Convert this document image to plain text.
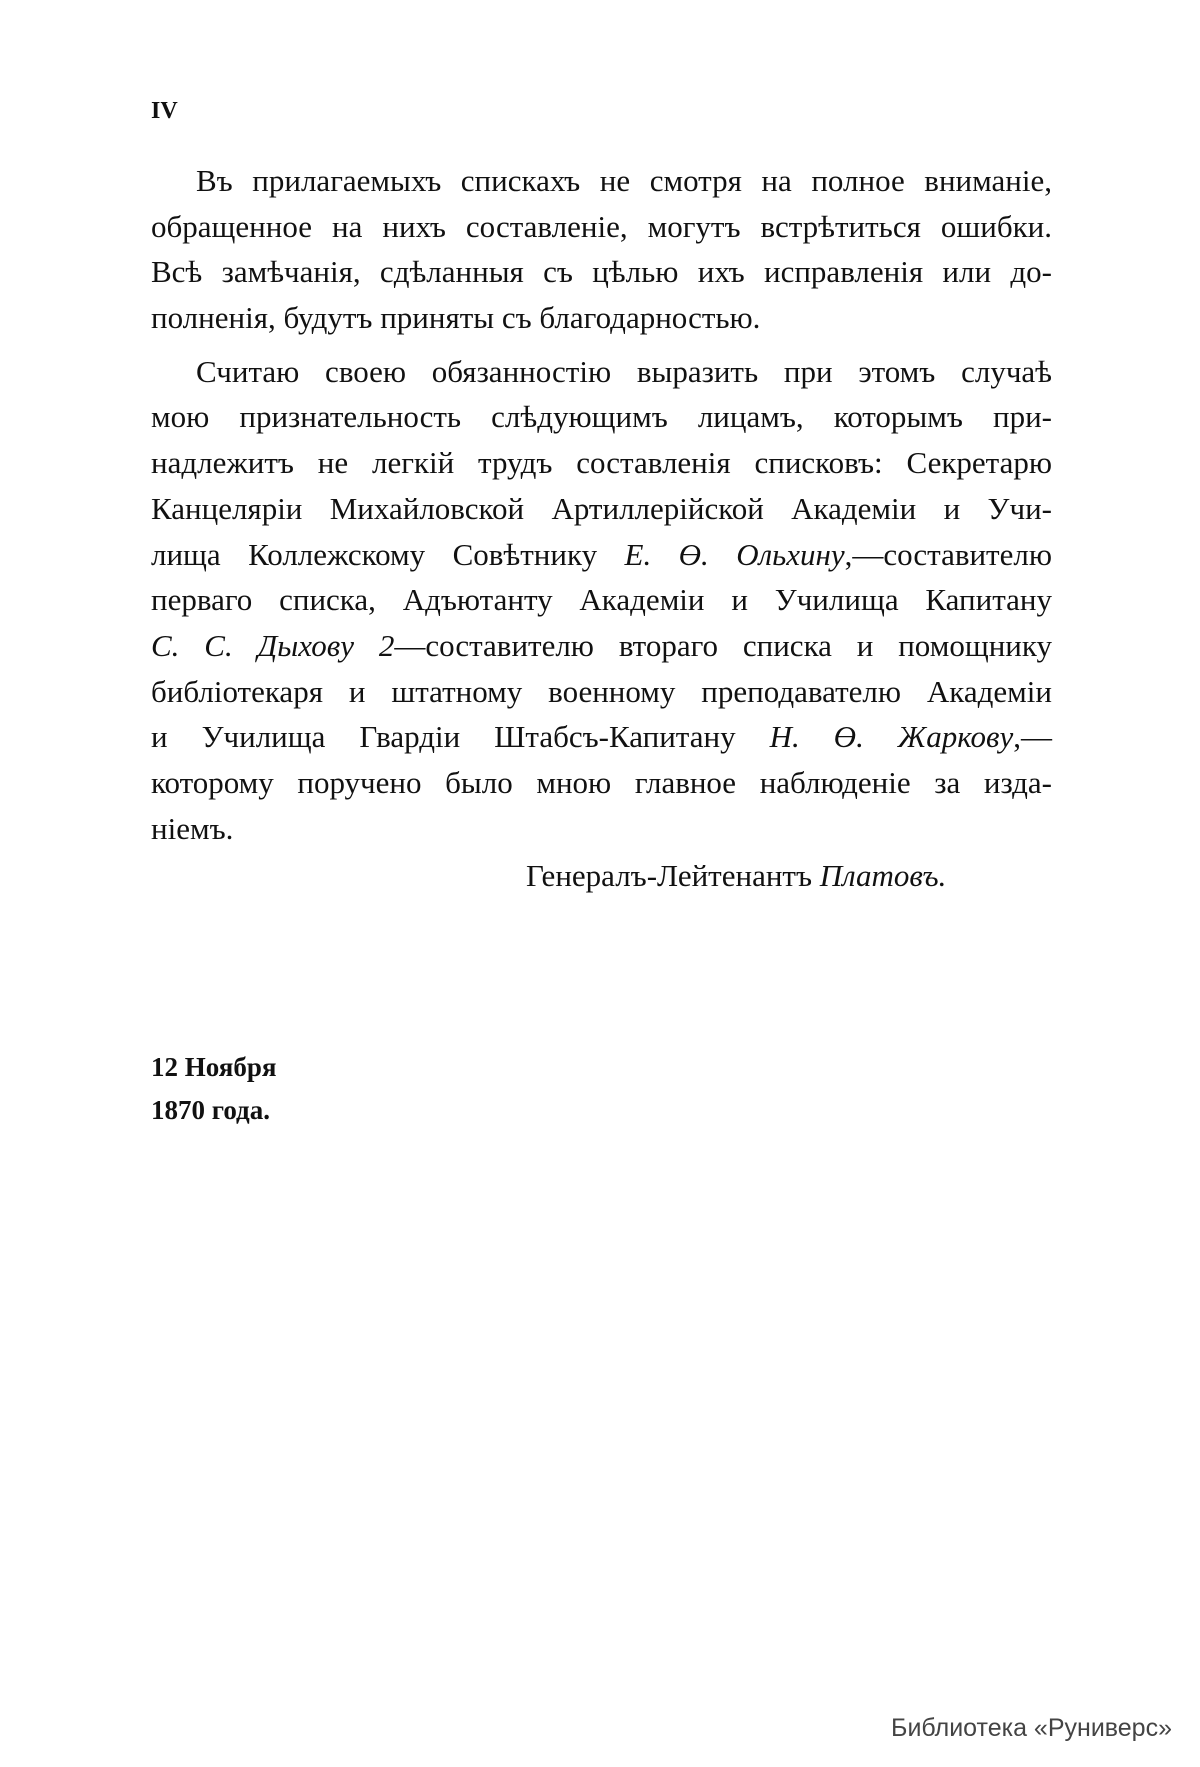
IV
Въ прилагаемыхъ спискахъ не смотря на полное вниманіе,
обращенное на нихъ составленіе, могутъ встрѣтиться ошибки.
Всѣ замѣчанія, сдѣланныя съ цѣлью ихъ исправленія или до-
полненія, будутъ приняты съ благодарностью.
Считаю своею обязанностію выразить при этомъ случаѣ
мою признательность слѣдующимъ лицамъ, которымъ при-
надлежитъ не легкій трудъ составленія списковъ: Секретарю
Канцеляріи Михайловской Артиллерійской Академіи и Учи-
лища Коллежскому Совѣтнику Е. Ө. Ольхину,—составителю
перваго списка, Адъютанту Академіи и Училища Капитану
С. С. Дыхову 2—составителю втораго списка и помощнику
библіотекаря и штатному военному преподавателю Академіи
и Училища Гвардіи Штабсъ-Капитану Н. Ө. Жаркову,—
которому поручено было мною главное наблюденіе за изда-
ніемъ.
Генералъ-Лейтенантъ Платовъ.
12 Ноября
1870 года.
Библиотека «Руниверс»
